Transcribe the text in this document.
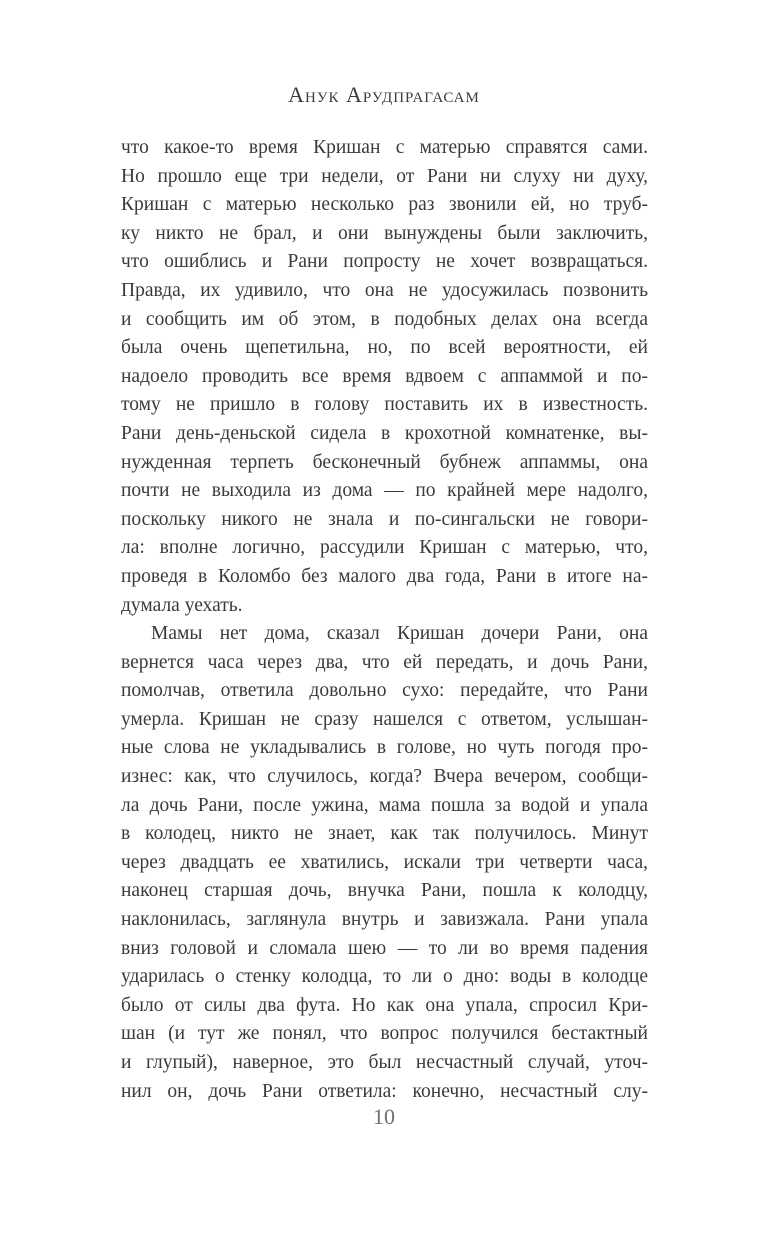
Анук Арудпрагасам
что какое-то время Кришан с матерью справятся сами.
Но прошло еще три недели, от Рани ни слуху ни духу,
Кришан с матерью несколько раз звонили ей, но труб-
ку никто не брал, и они вынуждены были заключить,
что ошиблись и Рани попросту не хочет возвращаться.
Правда, их удивило, что она не удосужилась позвонить
и сообщить им об этом, в подобных делах она всегда
была очень щепетильна, но, по всей вероятности, ей
надоело проводить все время вдвоем с аппаммой и по-
тому не пришло в голову поставить их в известность.
Рани день-деньской сидела в крохотной комнатенке, вы-
нужденная терпеть бесконечный бубнеж аппаммы, она
почти не выходила из дома — по крайней мере надолго,
поскольку никого не знала и по-сингальски не говори-
ла: вполне логично, рассудили Кришан с матерью, что,
проведя в Коломбо без малого два года, Рани в итоге на-
думала уехать.
Мамы нет дома, сказал Кришан дочери Рани, она
вернется часа через два, что ей передать, и дочь Рани,
помолчав, ответила довольно сухо: передайте, что Рани
умерла. Кришан не сразу нашелся с ответом, услышан-
ные слова не укладывались в голове, но чуть погодя про-
изнес: как, что случилось, когда? Вчера вечером, сообщи-
ла дочь Рани, после ужина, мама пошла за водой и упала
в колодец, никто не знает, как так получилось. Минут
через двадцать ее хватились, искали три четверти часа,
наконец старшая дочь, внучка Рани, пошла к колодцу,
наклонилась, заглянула внутрь и завизжала. Рани упала
вниз головой и сломала шею — то ли во время падения
ударилась о стенку колодца, то ли о дно: воды в колодце
было от силы два фута. Но как она упала, спросил Кри-
шан (и тут же понял, что вопрос получился бестактный
и глупый), наверное, это был несчастный случай, уточ-
нил он, дочь Рани ответила: конечно, несчастный слу-
10
